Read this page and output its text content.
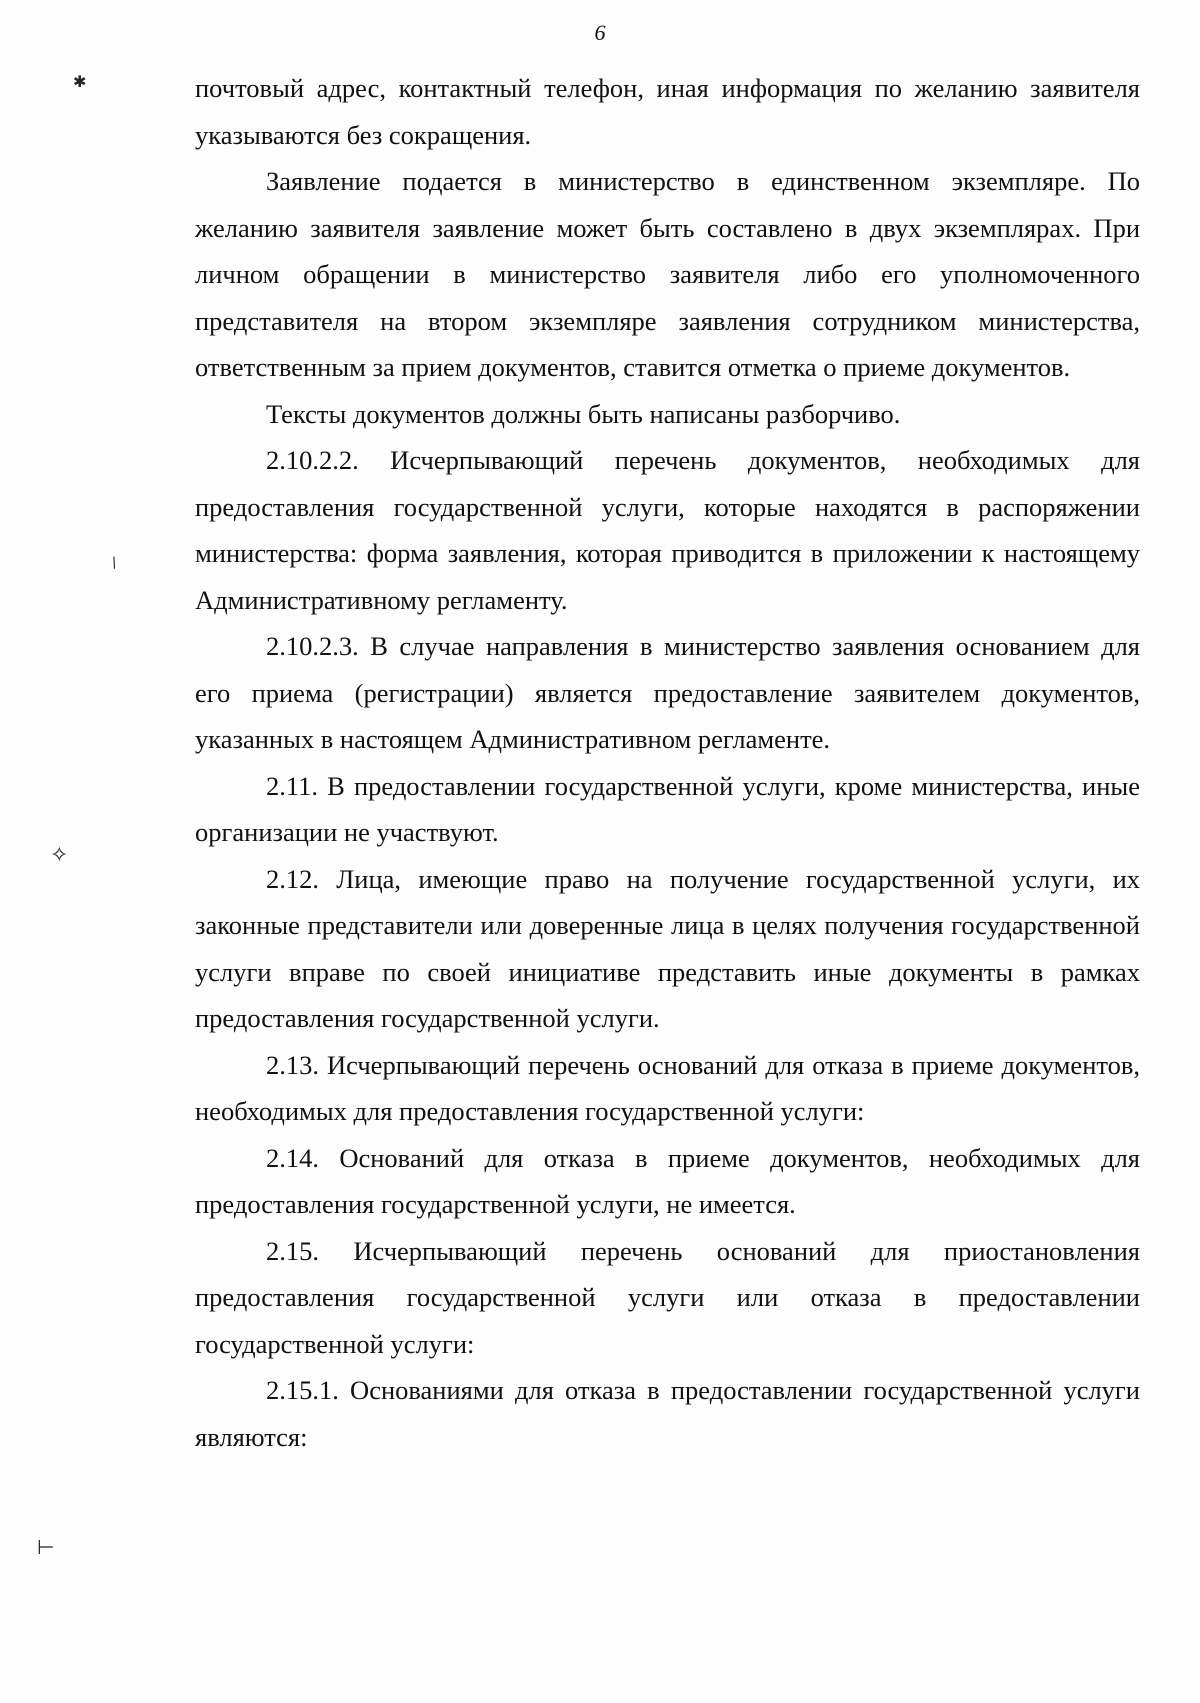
6
✱
✧
⊢
/

почтовый адрес, контактный телефон, иная информация по желанию заявителя указываются без сокращения.

Заявление подается в министерство в единственном экземпляре. По желанию заявителя заявление может быть составлено в двух экземплярах. При личном обращении в министерство заявителя либо его уполномоченного представителя на втором экземпляре заявления сотрудником министерства, ответственным за прием документов, ставится отметка о приеме документов.

Тексты документов должны быть написаны разборчиво.

2.10.2.2. Исчерпывающий перечень документов, необходимых для предоставления государственной услуги, которые находятся в распоряжении министерства: форма заявления, которая приводится в приложении к настоящему Административному регламенту.

2.10.2.3. В случае направления в министерство заявления основанием для его приема (регистрации) является предоставление заявителем документов, указанных в настоящем Административном регламенте.

2.11. В предоставлении государственной услуги, кроме министерства, иные организации не участвуют.

2.12. Лица, имеющие право на получение государственной услуги, их законные представители или доверенные лица в целях получения государственной услуги вправе по своей инициативе представить иные документы в рамках предоставления государственной услуги.

2.13. Исчерпывающий перечень оснований для отказа в приеме документов, необходимых для предоставления государственной услуги:

2.14. Оснований для отказа в приеме документов, необходимых для предоставления государственной услуги, не имеется.

2.15. Исчерпывающий перечень оснований для приостановления предоставления государственной услуги или отказа в предоставлении государственной услуги:

2.15.1. Основаниями для отказа в предоставлении государственной услуги являются:
